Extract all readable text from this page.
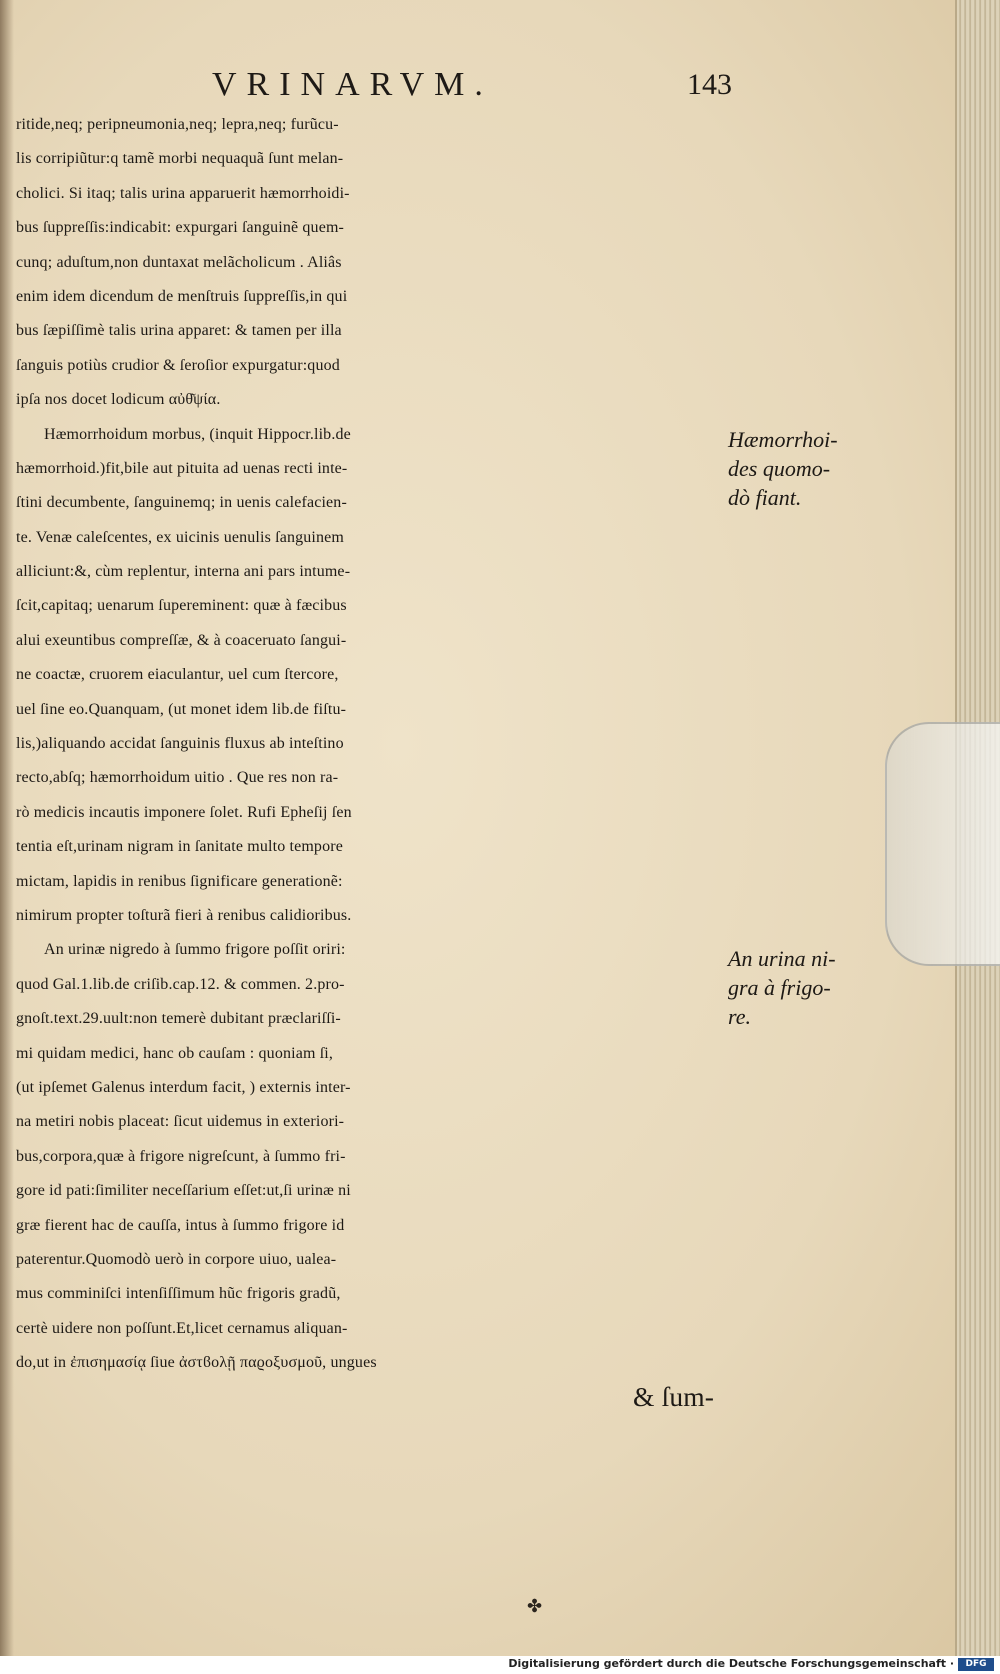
VRINARVM.	143
ritide,neq; peripneumonia,neq; lepra,neq; furũcu-
lis corripiũtur:q tamẽ morbi nequaquã ſunt melan-
cholici. Si itaq; talis urina apparuerit hæmorrhoidi-
bus ſuppreſſis:indicabit: expurgari ſanguinẽ quem-
cunq; aduſtum,non duntaxat melãcholicum . Aliâs
enim idem dicendum de menſtruis ſuppreſſis,in qui
bus ſæpiſſimè talis urina apparet: & tamen per illa
ſanguis potiùs crudior & ſeroſior expurgatur:quod
ipſa nos docet lodicum αὐθ͂ψία.
Hæmorrhoidum morbus, (inquit Hippocr.lib.de
hæmorrhoid.)fit,bile aut pituita ad uenas recti inte-
ſtini decumbente, ſanguinemq; in uenis calefacien-
te. Venæ caleſcentes, ex uicinis uenulis ſanguinem
alliciunt:&, cùm replentur, interna ani pars intume-
ſcit,capitaq; uenarum ſupereminent: quæ à fæcibus
alui exeuntibus compreſſæ, & à coaceruato ſangui-
ne coactæ, cruorem eiaculantur, uel cum ſtercore,
uel ſine eo.Quanquam, (ut monet idem lib.de fiſtu-
lis,)aliquando accidat ſanguinis fluxus ab inteſtino
recto,abſq; hæmorrhoidum uitio . Que res non ra-
rò medicis incautis imponere ſolet. Rufi Epheſij ſen
tentia eſt,urinam nigram in ſanitate multo tempore
mictam, lapidis in renibus ſignificare generationẽ:
nimirum propter toſturã fieri à renibus calidioribus.
An urinæ nigredo à ſummo frigore poſſit oriri:
quod Gal.1.lib.de criſib.cap.12. & commen. 2.pro-
gnoſt.text.29.uult:non temerè dubitant præclariſſi-
mi quidam medici, hanc ob cauſam : quoniam ſi,
(ut ipſemet Galenus interdum facit, ) externis inter-
na metiri nobis placeat: ſicut uidemus in exteriori-
bus,corpora,quæ à frigore nigreſcunt, à ſummo fri-
gore id pati:ſimiliter neceſſarium eſſet:ut,ſi urinæ ni
græ fierent hac de cauſſa, intus à ſummo frigore id
paterentur.Quomodò uerò in corpore uiuo, ualea-
mus comminiſci intenſiſſimum hũc frigoris gradũ,
certè uidere non poſſunt.Et,licet cernamus aliquan-
do,ut in ἐπισημασίᾳ ſiue ἀστϐολῇ παϱοξυσμοῦ, ungues
& ſum-
Hæmorrhoi-
des quomo-
dò fiant.
An urina ni-
gra à frigo-
re.
✤
Digitalisierung gefördert durch die Deutsche Forschungsgemeinschaft ·	DFG
